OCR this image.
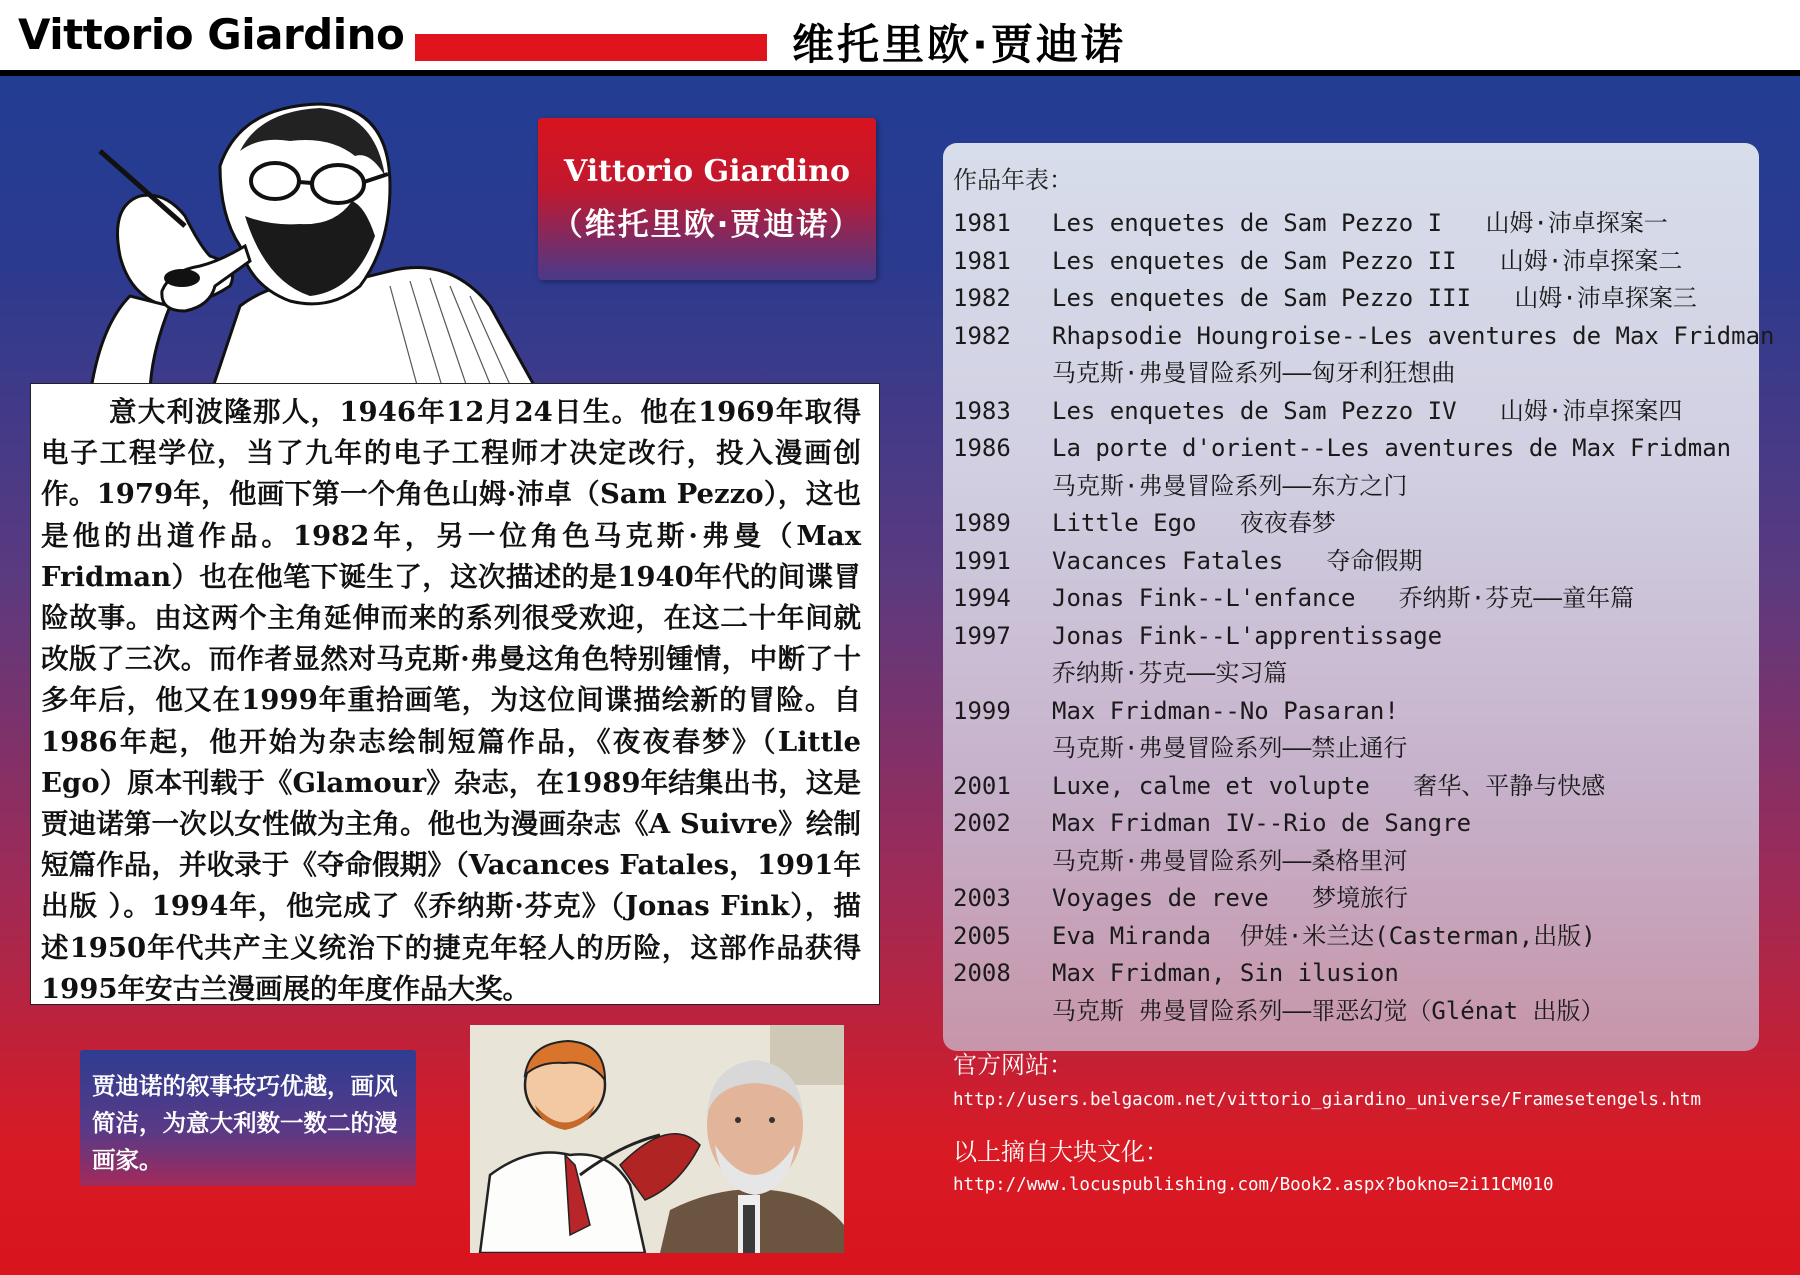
Vittorio Giardino	维托里欧·贾迪诺
Vittorio Giardino
（维托里欧·贾迪诺）
意大利波隆那人，1946年12月24日生。他在1969年取得电子工程学位，当了九年的电子工程师才决定改行，投入漫画创作。1979年，他画下第一个角色山姆·沛卓（Sam Pezzo），这也是他的出道作品。1982年，另一位角色马克斯·弗曼（Max Fridman）也在他笔下诞生了，这次描述的是1940年代的间谍冒险故事。由这两个主角延伸而来的系列很受欢迎，在这二十年间就改版了三次。而作者显然对马克斯·弗曼这角色特别锺情，中断了十多年后，他又在1999年重拾画笔，为这位间谍描绘新的冒险。自1986年起，他开始为杂志绘制短篇作品，《夜夜春梦》（Little Ego）原本刊载于《Glamour》杂志，在1989年结集出书，这是贾迪诺第一次以女性做为主角。他也为漫画杂志《A Suivre》绘制短篇作品，并收录于《夺命假期》（Vacances Fatales，1991年出版 ）。1994年，他完成了《乔纳斯·芬克》（Jonas Fink），描述1950年代共产主义统治下的捷克年轻人的历险，这部作品获得1995年安古兰漫画展的年度作品大奖。
贾迪诺的叙事技巧优越，画风简洁，为意大利数一数二的漫画家。
作品年表：
1981	Les enquetes de Sam Pezzo I   山姆·沛卓探案一
1981	Les enquetes de Sam Pezzo II   山姆·沛卓探案二
1982	Les enquetes de Sam Pezzo III   山姆·沛卓探案三
1982	Rhapsodie Houngroise--Les aventures de Max Fridman
马克斯·弗曼冒险系列——匈牙利狂想曲
1983	Les enquetes de Sam Pezzo IV   山姆·沛卓探案四
1986	La porte d'orient--Les aventures de Max Fridman
马克斯·弗曼冒险系列——东方之门
1989	Little Ego   夜夜春梦
1991	Vacances Fatales   夺命假期
1994	Jonas Fink--L'enfance   乔纳斯·芬克——童年篇
1997	Jonas Fink--L'apprentissage
乔纳斯·芬克——实习篇
1999	Max Fridman--No Pasaran!
马克斯·弗曼冒险系列——禁止通行
2001	Luxe, calme et volupte   奢华、平静与快感
2002	Max Fridman IV--Rio de Sangre
马克斯·弗曼冒险系列——桑格里河
2003	Voyages de reve   梦境旅行
2005	Eva Miranda  伊娃·米兰达(Casterman,出版)
2008	Max Fridman, Sin ilusion
马克斯 弗曼冒险系列——罪恶幻觉（Glénat 出版）
官方网站：
http://users.belgacom.net/vittorio_giardino_universe/Framesetengels.htm
以上摘自大块文化：
http://www.locuspublishing.com/Book2.aspx?bokno=2i11CM010
